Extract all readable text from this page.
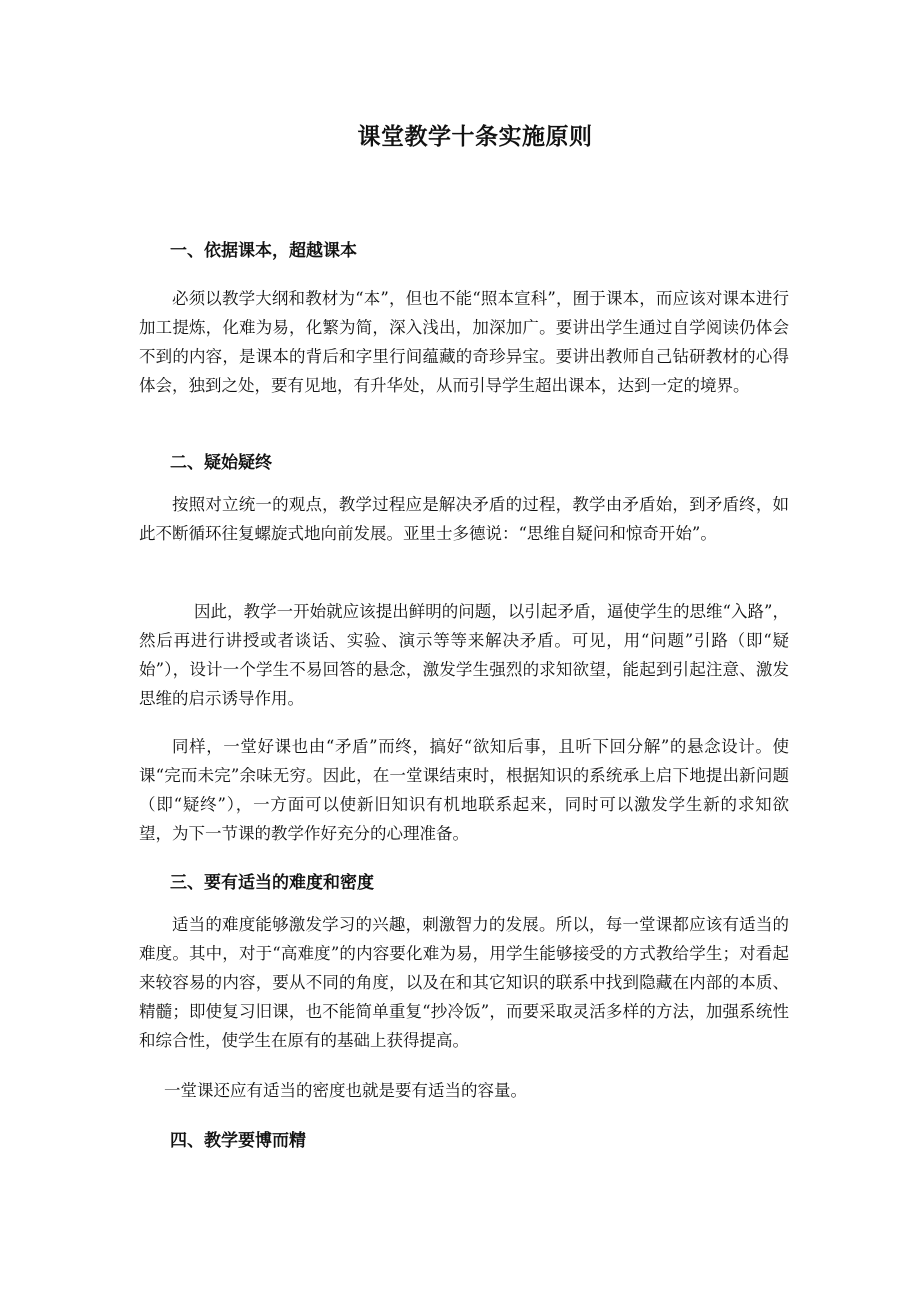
课堂教学十条实施原则
一、依据课本，超越课本

必须以教学大纲和教材为“本”，但也不能“照本宣科”，囿于课本，而应该对课本进行加工提炼，化难为易，化繁为简，深入浅出，加深加广。要讲出学生通过自学阅读仍体会不到的内容，是课本的背后和字里行间蕴藏的奇珍异宝。要讲出教师自己钻研教材的心得体会，独到之处，要有见地，有升华处，从而引导学生超出课本，达到一定的境界。

二、疑始疑终

按照对立统一的观点，教学过程应是解决矛盾的过程，教学由矛盾始，到矛盾终，如此不断循环往复螺旋式地向前发展。亚里士多德说：“思维自疑问和惊奇开始”。

因此，教学一开始就应该提出鲜明的问题，以引起矛盾，逼使学生的思维“入路”，然后再进行讲授或者谈话、实验、演示等等来解决矛盾。可见，用“问题”引路（即“疑始”），设计一个学生不易回答的悬念，激发学生强烈的求知欲望，能起到引起注意、激发思维的启示诱导作用。

同样，一堂好课也由“矛盾”而终，搞好“欲知后事，且听下回分解”的悬念设计。使课“完而未完”余味无穷。因此，在一堂课结束时，根据知识的系统承上启下地提出新问题（即“疑终”），一方面可以使新旧知识有机地联系起来，同时可以激发学生新的求知欲望，为下一节课的教学作好充分的心理准备。

三、要有适当的难度和密度

适当的难度能够激发学习的兴趣，刺激智力的发展。所以，每一堂课都应该有适当的难度。其中，对于“高难度”的内容要化难为易，用学生能够接受的方式教给学生；对看起来较容易的内容，要从不同的角度，以及在和其它知识的联系中找到隐藏在内部的本质、精髓；即使复习旧课，也不能简单重复“抄冷饭”，而要采取灵活多样的方法，加强系统性和综合性，使学生在原有的基础上获得提高。

一堂课还应有适当的密度也就是要有适当的容量。

四、教学要博而精
